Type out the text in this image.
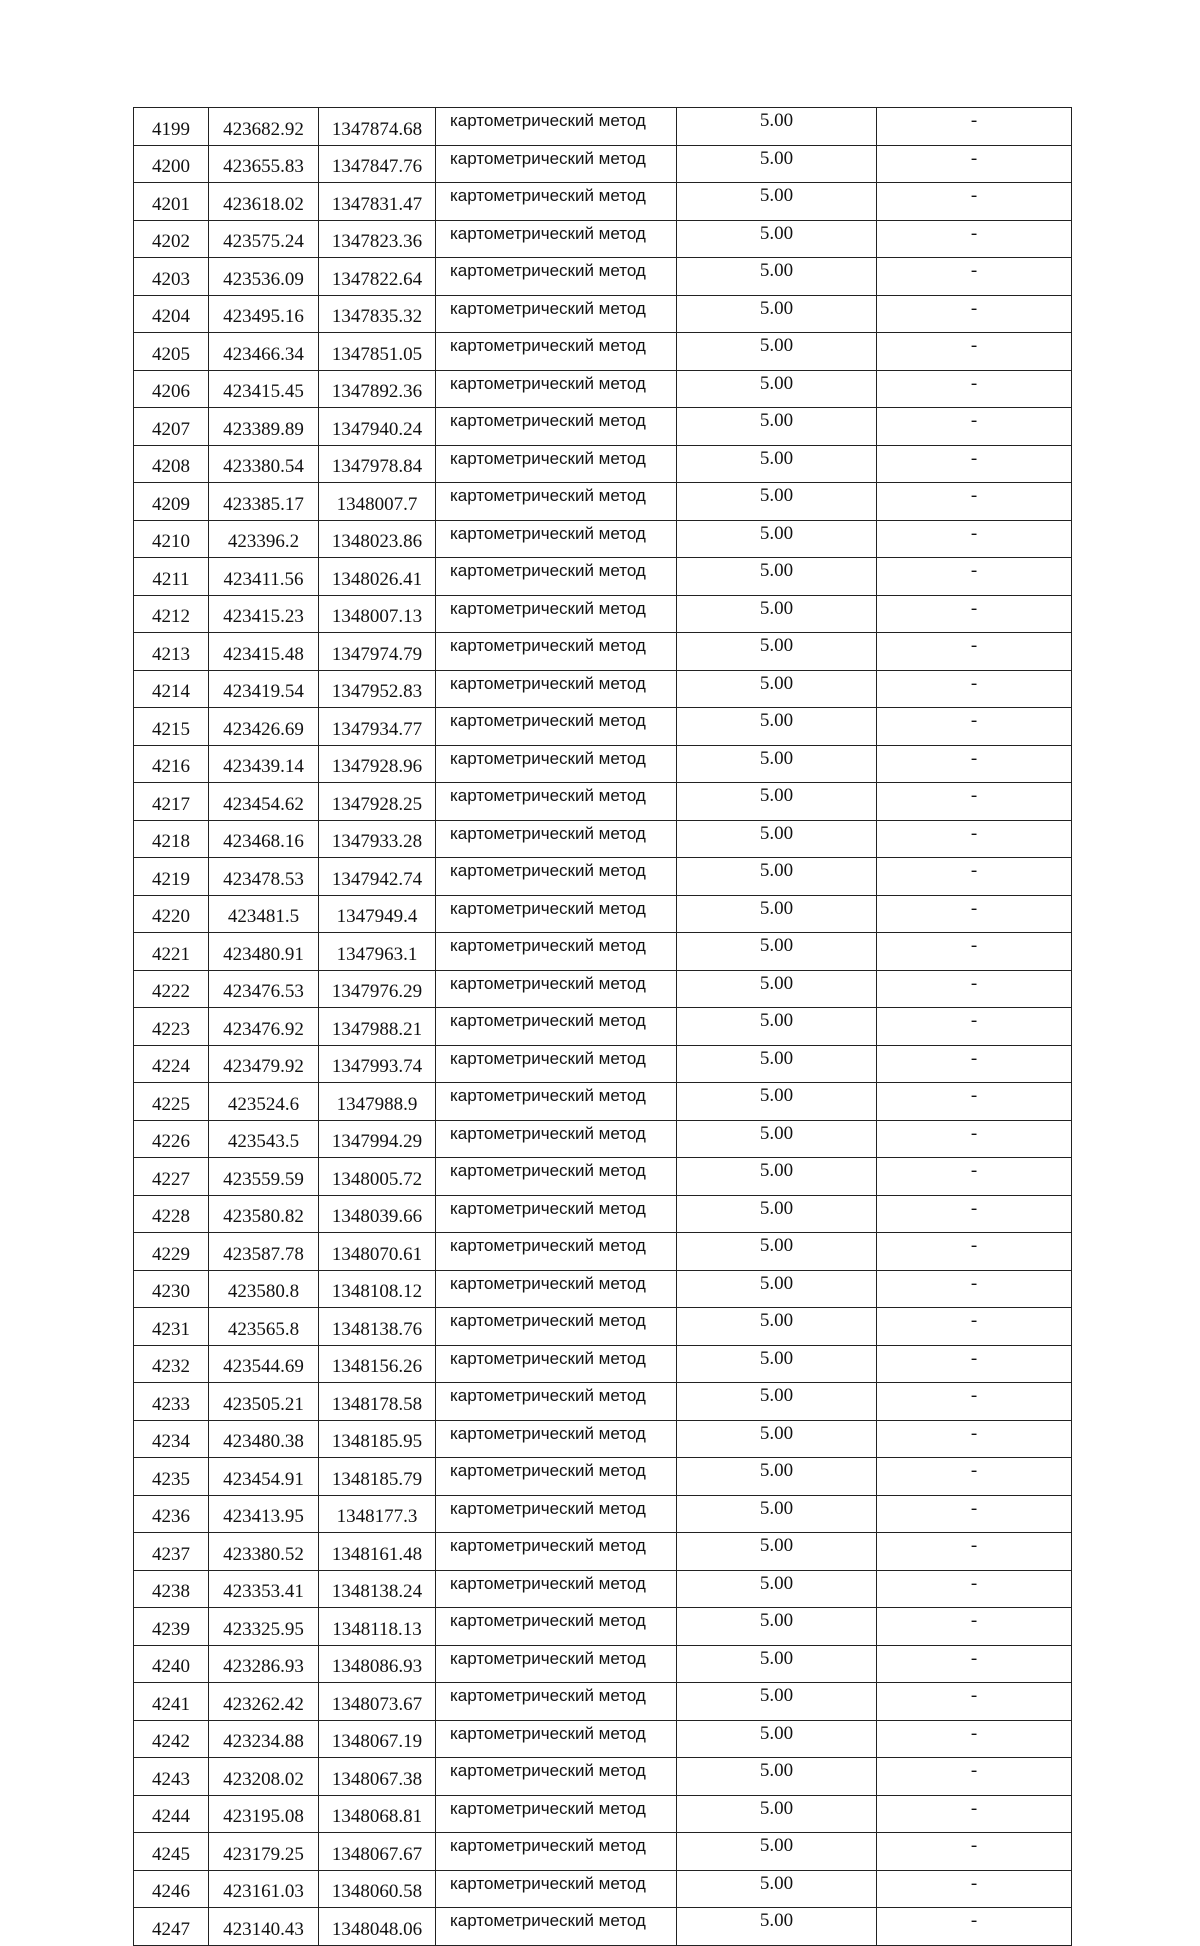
4199	423682.92	1347874.68	картометрический метод	5.00	-
4200	423655.83	1347847.76	картометрический метод	5.00	-
4201	423618.02	1347831.47	картометрический метод	5.00	-
4202	423575.24	1347823.36	картометрический метод	5.00	-
4203	423536.09	1347822.64	картометрический метод	5.00	-
4204	423495.16	1347835.32	картометрический метод	5.00	-
4205	423466.34	1347851.05	картометрический метод	5.00	-
4206	423415.45	1347892.36	картометрический метод	5.00	-
4207	423389.89	1347940.24	картометрический метод	5.00	-
4208	423380.54	1347978.84	картометрический метод	5.00	-
4209	423385.17	1348007.7	картометрический метод	5.00	-
4210	423396.2	1348023.86	картометрический метод	5.00	-
4211	423411.56	1348026.41	картометрический метод	5.00	-
4212	423415.23	1348007.13	картометрический метод	5.00	-
4213	423415.48	1347974.79	картометрический метод	5.00	-
4214	423419.54	1347952.83	картометрический метод	5.00	-
4215	423426.69	1347934.77	картометрический метод	5.00	-
4216	423439.14	1347928.96	картометрический метод	5.00	-
4217	423454.62	1347928.25	картометрический метод	5.00	-
4218	423468.16	1347933.28	картометрический метод	5.00	-
4219	423478.53	1347942.74	картометрический метод	5.00	-
4220	423481.5	1347949.4	картометрический метод	5.00	-
4221	423480.91	1347963.1	картометрический метод	5.00	-
4222	423476.53	1347976.29	картометрический метод	5.00	-
4223	423476.92	1347988.21	картометрический метод	5.00	-
4224	423479.92	1347993.74	картометрический метод	5.00	-
4225	423524.6	1347988.9	картометрический метод	5.00	-
4226	423543.5	1347994.29	картометрический метод	5.00	-
4227	423559.59	1348005.72	картометрический метод	5.00	-
4228	423580.82	1348039.66	картометрический метод	5.00	-
4229	423587.78	1348070.61	картометрический метод	5.00	-
4230	423580.8	1348108.12	картометрический метод	5.00	-
4231	423565.8	1348138.76	картометрический метод	5.00	-
4232	423544.69	1348156.26	картометрический метод	5.00	-
4233	423505.21	1348178.58	картометрический метод	5.00	-
4234	423480.38	1348185.95	картометрический метод	5.00	-
4235	423454.91	1348185.79	картометрический метод	5.00	-
4236	423413.95	1348177.3	картометрический метод	5.00	-
4237	423380.52	1348161.48	картометрический метод	5.00	-
4238	423353.41	1348138.24	картометрический метод	5.00	-
4239	423325.95	1348118.13	картометрический метод	5.00	-
4240	423286.93	1348086.93	картометрический метод	5.00	-
4241	423262.42	1348073.67	картометрический метод	5.00	-
4242	423234.88	1348067.19	картометрический метод	5.00	-
4243	423208.02	1348067.38	картометрический метод	5.00	-
4244	423195.08	1348068.81	картометрический метод	5.00	-
4245	423179.25	1348067.67	картометрический метод	5.00	-
4246	423161.03	1348060.58	картометрический метод	5.00	-
4247	423140.43	1348048.06	картометрический метод	5.00	-
